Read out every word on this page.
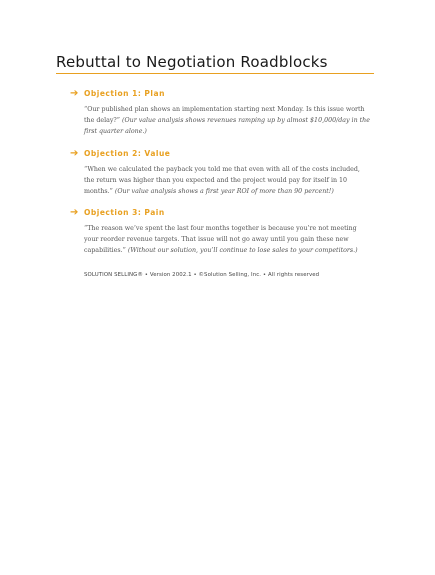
Rebuttal to Negotiation Roadblocks
➔ Objection 1: Plan
“Our published plan shows an implementation starting next Monday. Is this issue worth the delay?” (Our value analysis shows revenues ramping up by almost $10,000/day in the first quarter alone.)
➔ Objection 2: Value
“When we calculated the payback you told me that even with all of the costs included, the return was higher than you expected and the project would pay for itself in 10 months.” (Our value analysis shows a first year ROI of more than 90 percent!)
➔ Objection 3: Pain
“The reason we’ve spent the last four months together is because you’re not meeting your reorder revenue targets. That issue will not go away until you gain these new capabilities.” (Without our solution, you’ll continue to lose sales to your competitors.)
SOLUTION SELLING® • Version 2002.1 • ©Solution Selling, Inc. • All rights reserved
